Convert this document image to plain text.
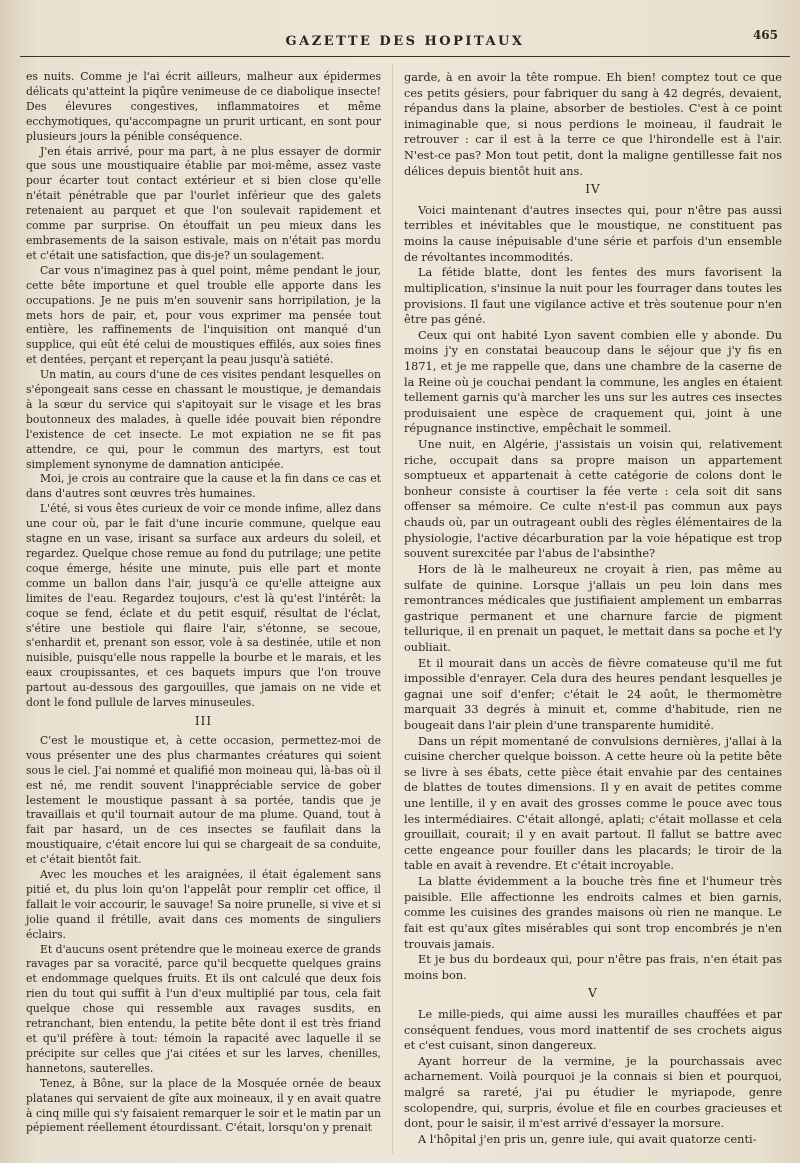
GAZETTE DES HOPITAUX	465

es nuits. Comme je l'ai écrit ailleurs, malheur aux épidermes délicats qu'atteint la piqûre venimeuse de ce diabolique insecte! Des élevures congestives, inflammatoires et même ecchymotiques, qu'accompagne un prurit urticant, en sont pour plusieurs jours la pénible conséquence.

J'en étais arrivé, pour ma part, à ne plus essayer de dormir que sous une moustiquaire établie par moi-même, assez vaste pour écarter tout contact extérieur et si bien close qu'elle n'était pénétrable que par l'ourlet inférieur que des galets retenaient au parquet et que l'on soulevait rapidement et comme par surprise. On étouffait un peu mieux dans les embrasements de la saison estivale, mais on n'était pas mordu et c'était une satisfaction, que dis-je? un soulagement.

Car vous n'imaginez pas à quel point, même pendant le jour, cette bête importune et quel trouble elle apporte dans les occupations. Je ne puis m'en souvenir sans horripilation, je la mets hors de pair, et, pour vous exprimer ma pensée tout entière, les raffinements de l'inquisition ont manqué d'un supplice, qui eût été celui de moustiques effilés, aux soies fines et dentées, perçant et reperçant la peau jusqu'à satiété.

Un matin, au cours d'une de ces visites pendant lesquelles on s'épongeait sans cesse en chassant le moustique, je demandais à la sœur du service qui s'apitoyait sur le visage et les bras boutonneux des malades, à quelle idée pouvait bien répondre l'existence de cet insecte. Le mot expiation ne se fit pas attendre, ce qui, pour le commun des martyrs, est tout simplement synonyme de damnation anticipée.

Moi, je crois au contraire que la cause et la fin dans ce cas et dans d'autres sont œuvres très humaines.

L'été, si vous êtes curieux de voir ce monde infime, allez dans une cour où, par le fait d'une incurie commune, quelque eau stagne en un vase, irisant sa surface aux ardeurs du soleil, et regardez. Quelque chose remue au fond du putrilage; une petite coque émerge, hésite une minute, puis elle part et monte comme un ballon dans l'air, jusqu'à ce qu'elle atteigne aux limites de l'eau. Regardez toujours, c'est là qu'est l'intérêt: la coque se fend, éclate et du petit esquif, résultat de l'éclat, s'étire une bestiole qui flaire l'air, s'étonne, se secoue, s'enhardit et, prenant son essor, vole à sa destinée, utile et non nuisible, puisqu'elle nous rappelle la bourbe et le marais, et les eaux croupissantes, et ces baquets impurs que l'on trouve partout au-dessous des gargouilles, que jamais on ne vide et dont le fond pullule de larves minuseules.

III

C'est le moustique et, à cette occasion, permettez-moi de vous présenter une des plus charmantes créatures qui soient sous le ciel. J'ai nommé et qualifié mon moineau qui, là-bas où il est né, me rendit souvent l'inappréciable service de gober lestement le moustique passant à sa portée, tandis que je travaillais et qu'il tournait autour de ma plume. Quand, tout à fait par hasard, un de ces insectes se faufilait dans la moustiquaire, c'était encore lui qui se chargeait de sa conduite, et c'était bientôt fait.

Avec les mouches et les araignées, il était également sans pitié et, du plus loin qu'on l'appelât pour remplir cet office, il fallait le voir accourir, le sauvage! Sa noire prunelle, si vive et si jolie quand il frétille, avait dans ces moments de singuliers éclairs.

Et d'aucuns osent prétendre que le moineau exerce de grands ravages par sa voracité, parce qu'il becquette quelques grains et endommage quelques fruits. Et ils ont calculé que deux fois rien du tout qui suffit à l'un d'eux multiplié par tous, cela fait quelque chose qui ressemble aux ravages susdits, en retranchant, bien entendu, la petite bête dont il est très friand et qu'il préfère à tout: témoin la rapacité avec laquelle il se précipite sur celles que j'ai citées et sur les larves, chenilles, hannetons, sauterelles.

Tenez, à Bône, sur la place de la Mosquée ornée de beaux platanes qui servaient de gîte aux moineaux, il y en avait quatre à cinq mille qui s'y faisaient remarquer le soir et le matin par un pépiement réellement étourdissant. C'était, lorsqu'on y prenait

garde, à en avoir la tête rompue. Eh bien! comptez tout ce que ces petits gésiers, pour fabriquer du sang à 42 degrés, devaient, répandus dans la plaine, absorber de bestioles. C'est à ce point inimaginable que, si nous perdions le moineau, il faudrait le retrouver : car il est à la terre ce que l'hirondelle est à l'air. N'est-ce pas? Mon tout petit, dont la maligne gentillesse fait nos délices depuis bientôt huit ans.

IV

Voici maintenant d'autres insectes qui, pour n'être pas aussi terribles et inévitables que le moustique, ne constituent pas moins la cause inépuisable d'une série et parfois d'un ensemble de révoltantes incommodités.

La fétide blatte, dont les fentes des murs favorisent la multiplication, s'insinue la nuit pour les fourrager dans toutes les provisions. Il faut une vigilance active et très soutenue pour n'en être pas géné.

Ceux qui ont habité Lyon savent combien elle y abonde. Du moins j'y en constatai beaucoup dans le séjour que j'y fis en 1871, et je me rappelle que, dans une chambre de la caserne de la Reine où je couchai pendant la commune, les angles en étaient tellement garnis qu'à marcher les uns sur les autres ces insectes produisaient une espèce de craquement qui, joint à une répugnance instinctive, empêchait le sommeil.

Une nuit, en Algérie, j'assistais un voisin qui, relativement riche, occupait dans sa propre maison un appartement somptueux et appartenait à cette catégorie de colons dont le bonheur consiste à courtiser la fée verte : cela soit dit sans offenser sa mémoire. Ce culte n'est-il pas commun aux pays chauds où, par un outrageant oubli des règles élémentaires de la physiologie, l'active décarburation par la voie hépatique est trop souvent surexcitée par l'abus de l'absinthe?

Hors de là le malheureux ne croyait à rien, pas même au sulfate de quinine. Lorsque j'allais un peu loin dans mes remontrances médicales que justifiaient amplement un embarras gastrique permanent et une charnure farcie de pigment tellurique, il en prenait un paquet, le mettait dans sa poche et l'y oubliait.

Et il mourait dans un accès de fièvre comateuse qu'il me fut impossible d'enrayer. Cela dura des heures pendant lesquelles je gagnai une soif d'enfer; c'était le 24 août, le thermomètre marquait 33 degrés à minuit et, comme d'habitude, rien ne bougeait dans l'air plein d'une transparente humidité.

Dans un répit momentané de convulsions dernières, j'allai à la cuisine chercher quelque boisson. A cette heure où la petite bête se livre à ses ébats, cette pièce était envahie par des centaines de blattes de toutes dimensions. Il y en avait de petites comme une lentille, il y en avait des grosses comme le pouce avec tous les intermédiaires. C'était allongé, aplati; c'était mollasse et cela grouillait, courait; il y en avait partout. Il fallut se battre avec cette engeance pour fouiller dans les placards; le tiroir de la table en avait à revendre. Et c'était incroyable.

La blatte évidemment a la bouche très fine et l'humeur très paisible. Elle affectionne les endroits calmes et bien garnis, comme les cuisines des grandes maisons où rien ne manque. Le fait est qu'aux gîtes misérables qui sont trop encombrés je n'en trouvais jamais.

Et je bus du bordeaux qui, pour n'être pas frais, n'en était pas moins bon.

V

Le mille-pieds, qui aime aussi les murailles chauffées et par conséquent fendues, vous mord inattentif de ses crochets aigus et c'est cuisant, sinon dangereux.

Ayant horreur de la vermine, je la pourchassais avec acharnement. Voilà pourquoi je la connais si bien et pourquoi, malgré sa rareté, j'ai pu étudier le myriapode, genre scolopendre, qui, surpris, évolue et file en courbes gracieuses et dont, pour le saisir, il m'est arrivé d'essayer la morsure.

A l'hôpital j'en pris un, genre iule, qui avait quatorze centi-
